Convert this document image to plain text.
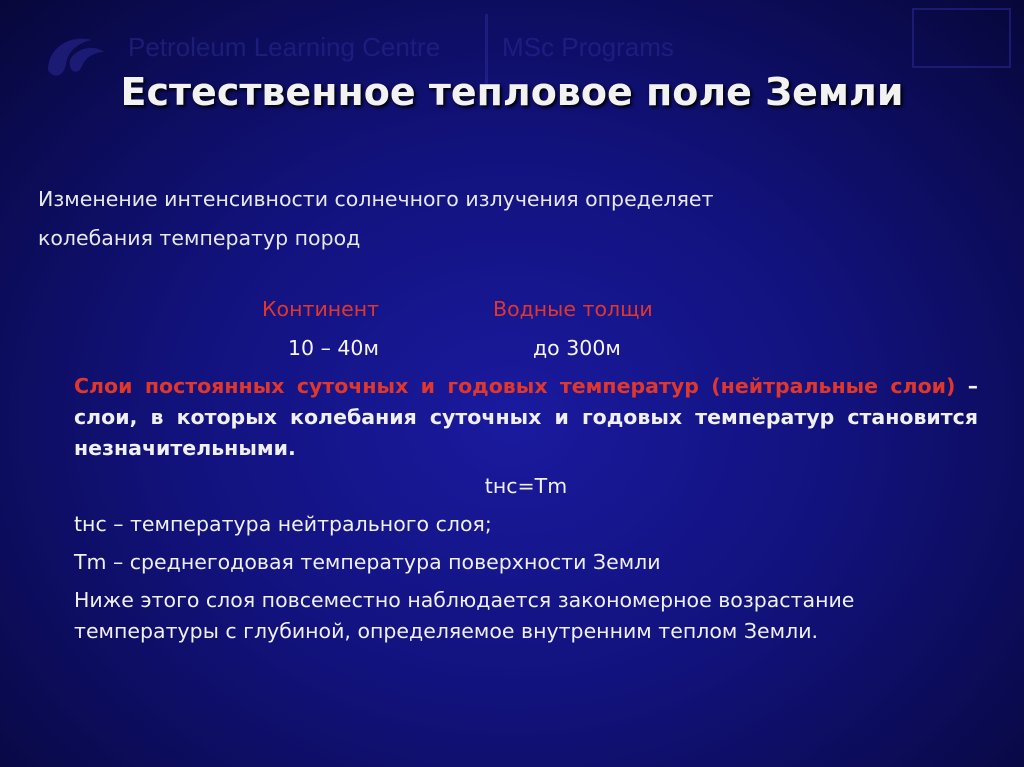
Petroleum Learning Centre MSc Programs
Естественное тепловое поле Земли
Изменение интенсивности солнечного излучения определяет
колебания температур пород
Континент	Водные толщи
10 – 40м	до 300м

Слои постоянных суточных и годовых температур (нейтральные слои) – слои, в которых колебания суточных и годовых температур становится незначительными.

tнс=Tm

tнс – температура нейтрального слоя;

Tm – среднегодовая температура поверхности Земли

Ниже этого слоя повсеместно наблюдается закономерное возрастание температуры с глубиной, определяемое внутренним теплом Земли.
